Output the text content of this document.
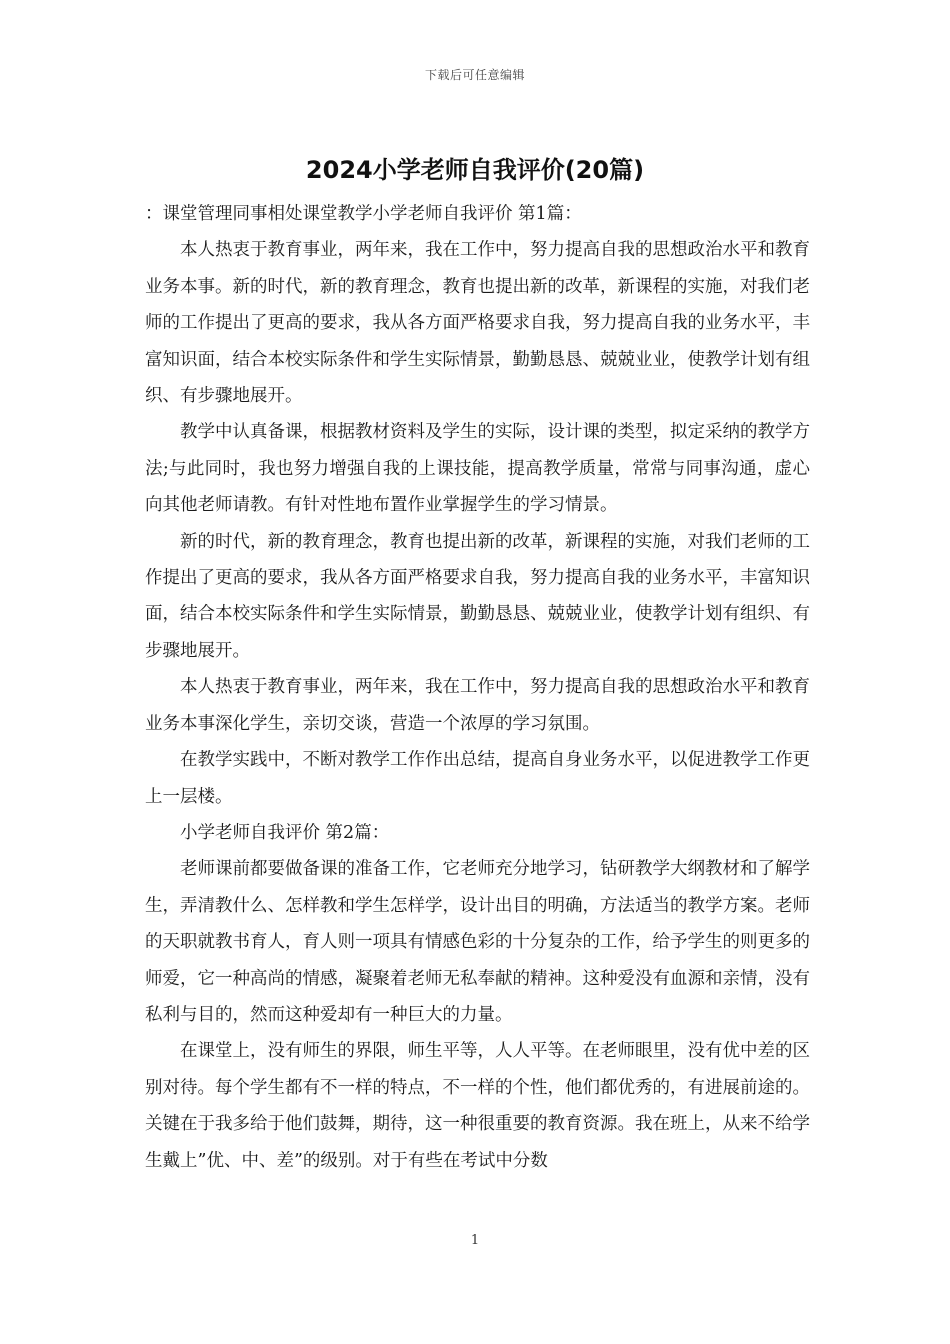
下载后可任意编辑
2024小学老师自我评价(20篇)

：课堂管理同事相处课堂教学小学老师自我评价 第1篇：

本人热衷于教育事业，两年来，我在工作中，努力提高自我的思想政治水平和教育业务本事。新的时代，新的教育理念，教育也提出新的改革，新课程的实施，对我们老师的工作提出了更高的要求，我从各方面严格要求自我，努力提高自我的业务水平，丰富知识面，结合本校实际条件和学生实际情景，勤勤恳恳、兢兢业业，使教学计划有组织、有步骤地展开。

教学中认真备课，根据教材资料及学生的实际，设计课的类型，拟定采纳的教学方法;与此同时，我也努力增强自我的上课技能，提高教学质量，常常与同事沟通，虚心向其他老师请教。有针对性地布置作业掌握学生的学习情景。

新的时代，新的教育理念，教育也提出新的改革，新课程的实施，对我们老师的工作提出了更高的要求，我从各方面严格要求自我，努力提高自我的业务水平，丰富知识面，结合本校实际条件和学生实际情景，勤勤恳恳、兢兢业业，使教学计划有组织、有步骤地展开。

本人热衷于教育事业，两年来，我在工作中，努力提高自我的思想政治水平和教育业务本事深化学生，亲切交谈，营造一个浓厚的学习氛围。

在教学实践中，不断对教学工作作出总结，提高自身业务水平，以促进教学工作更上一层楼。

小学老师自我评价 第2篇：

老师课前都要做备课的准备工作，它老师充分地学习，钻研教学大纲教材和了解学生，弄清教什么、怎样教和学生怎样学，设计出目的明确，方法适当的教学方案。老师的天职就教书育人，育人则一项具有情感色彩的十分复杂的工作，给予学生的则更多的师爱，它一种高尚的情感，凝聚着老师无私奉献的精神。这种爱没有血源和亲情，没有私利与目的，然而这种爱却有一种巨大的力量。

在课堂上，没有师生的界限，师生平等，人人平等。在老师眼里，没有优中差的区别对待。每个学生都有不一样的特点，不一样的个性，他们都优秀的，有进展前途的。关键在于我多给于他们鼓舞，期待，这一种很重要的教育资源。我在班上，从来不给学生戴上”优、中、差”的级别。对于有些在考试中分数

1
